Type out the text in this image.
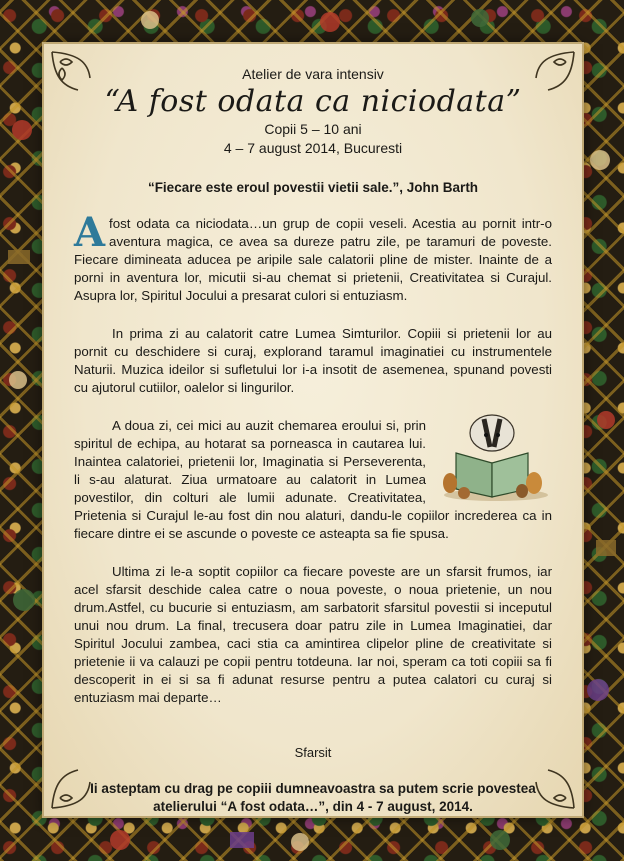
Atelier de vara intensiv
“A fost odata ca niciodata”
Copii 5 – 10 ani
4 – 7 august 2014, Bucuresti
“Fiecare este eroul povestii vietii sale.”, John Barth

Afost odata ca niciodata…un grup de copii veseli. Acestia au pornit intr-o aventura magica, ce avea sa dureze patru zile, pe taramuri de poveste. Fiecare dimineata aducea pe aripile sale calatorii pline de mister. Inainte de a porni in aventura lor, micutii si-au chemat si prietenii, Creativitatea si Curajul. Asupra lor, Spiritul Jocului a presarat culori si entuziasm.

In prima zi au calatorit catre Lumea Simturilor. Copiii si prietenii lor au pornit cu deschidere si curaj, explorand taramul imaginatiei cu instrumentele Naturii. Muzica ideilor si sufletului lor i-a insotit de asemenea, spunand povesti cu ajutorul cutiilor, oalelor si lingurilor.

A doua zi, cei mici au auzit chemarea eroului si, prin spiritul de echipa, au hotarat sa porneasca in cautarea lui. Inaintea calatoriei, prietenii lor, Imaginatia si Perseverenta, li s-au alaturat. Ziua urmatoare au calatorit in Lumea povestilor, din colturi ale lumii adunate. Creativitatea, Prietenia si Curajul le-au fost din nou alaturi, dandu-le copiilor increderea ca in fiecare dintre ei se ascunde o poveste ce asteapta sa fie spusa.

Ultima zi le-a soptit copiilor ca fiecare poveste are un sfarsit frumos, iar acel sfarsit deschide calea catre o noua poveste, o noua prietenie, un nou drum.Astfel, cu bucurie si entuziasm, am sarbatorit sfarsitul povestii si inceputul unui nou drum. La final, trecusera doar patru zile in Lumea Imaginatiei, dar Spiritul Jocului zambea, caci stia ca amintirea clipelor pline de creativitate si prietenie ii va calauzi pe copii pentru totdeuna. Iar noi, speram ca toti copiii sa fi descoperit in ei si sa fi adunat resurse pentru a putea calatori cu curaj si entuziasm mai departe…

Sfarsit
Ii asteptam cu drag pe copiii dumneavoastra sa putem scrie povestea
atelierului “A fost odata…”, din 4 - 7 august, 2014.
